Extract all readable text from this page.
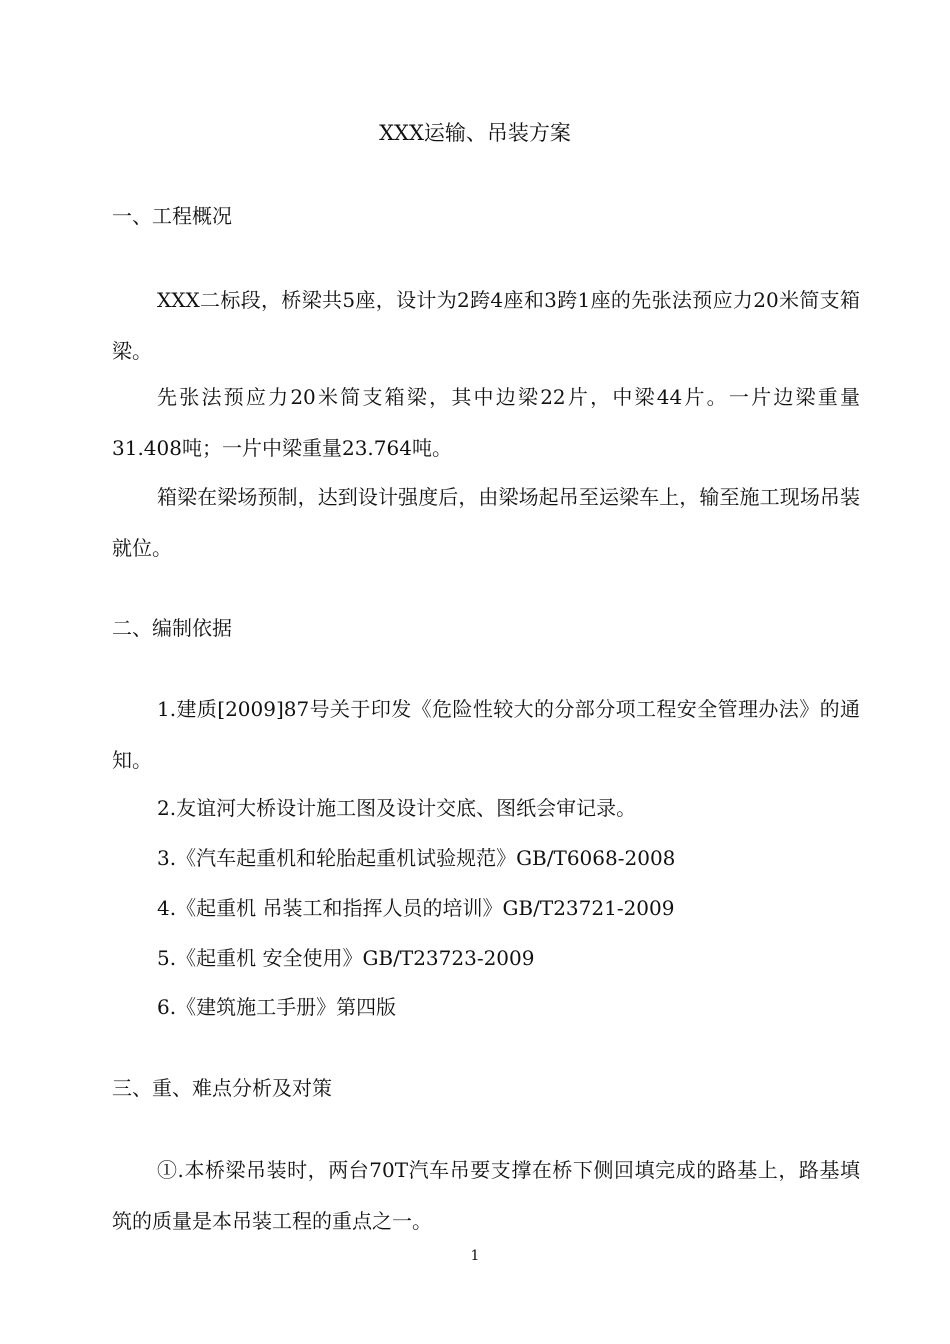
XXX运输、吊装方案
一、工程概况
XXX二标段，桥梁共5座，设计为2跨4座和3跨1座的先张法预应力20米简支箱梁。
先张法预应力20米简支箱梁，其中边梁22片，中梁44片。一片边梁重量31.408吨；一片中梁重量23.764吨。
箱梁在梁场预制，达到设计强度后，由梁场起吊至运梁车上，输至施工现场吊装就位。
二、编制依据
1.建质[2009]87号关于印发《危险性较大的分部分项工程安全管理办法》的通知。
2.友谊河大桥设计施工图及设计交底、图纸会审记录。
3.《汽车起重机和轮胎起重机试验规范》GB/T6068-2008
4.《起重机 吊装工和指挥人员的培训》GB/T23721-2009
5.《起重机 安全使用》GB/T23723-2009
6.《建筑施工手册》第四版
三、重、难点分析及对策
①.本桥梁吊装时，两台70T汽车吊要支撑在桥下侧回填完成的路基上，路基填筑的质量是本吊装工程的重点之一。
1
